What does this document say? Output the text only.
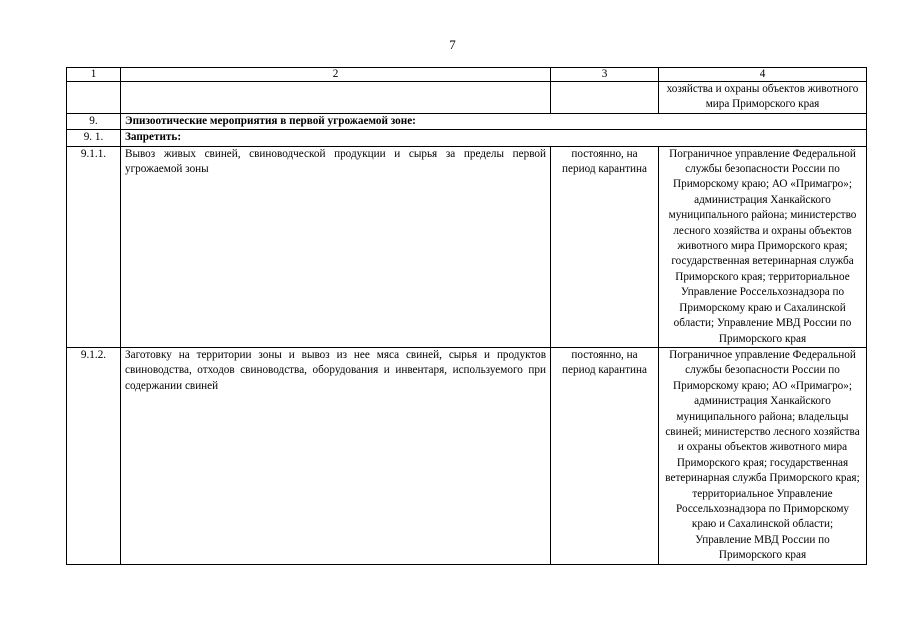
7
1	2	3	4
			хозяйства и охраны объектов животного мира Приморского края
9.	Эпизоотические мероприятия в первой угрожаемой зоне:		
9. 1.	Запретить:		
9.1.1.	Вывоз живых свиней, свиноводческой продукции и сырья за пределы первой угрожаемой зоны	постоянно, на период карантина	Пограничное управление Федеральной службы безопасности России по Приморскому краю; АО «Примагро»; администрация Ханкайского муниципального района; министерство лесного хозяйства и охраны объектов животного мира Приморского края; государственная ветеринарная служба Приморского края; территориальное Управление Россельхознадзора по Приморскому краю и Сахалинской области; Управление МВД России по Приморского края
9.1.2.	Заготовку на территории зоны и вывоз из нее мяса свиней, сырья и продуктов свиноводства, отходов свиноводства, оборудования и инвентаря, используемого при содержании свиней	постоянно, на период карантина	Пограничное управление Федеральной службы безопасности России по Приморскому краю; АО «Примагро»; администрация Ханкайского муниципального района; владельцы свиней; министерство лесного хозяйства и охраны объектов животного мира Приморского края; государственная ветеринарная служба Приморского края; территориальное Управление Россельхознадзора по Приморскому краю и Сахалинской области; Управление МВД России по Приморского края
